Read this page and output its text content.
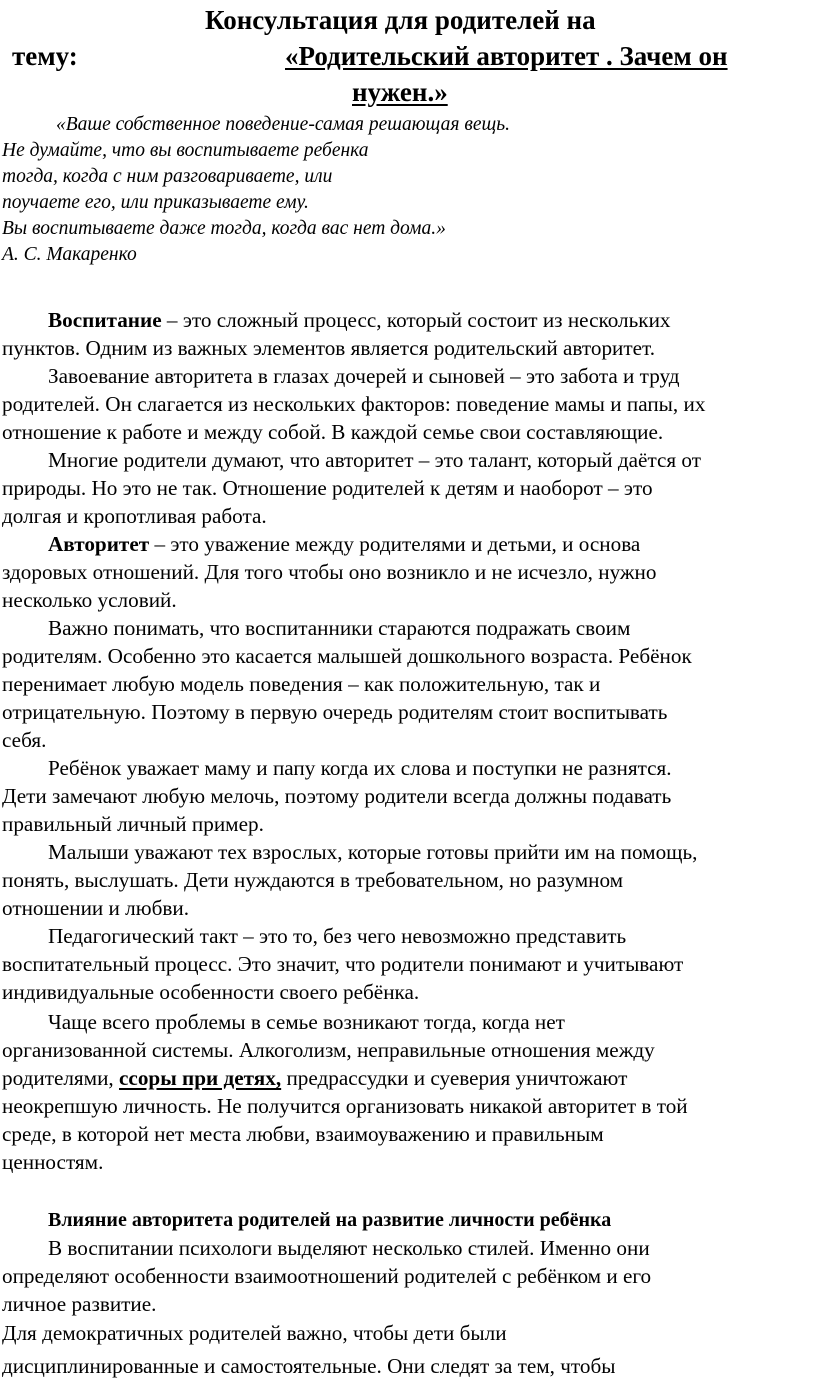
Консультация для родителей на
тему:	«Родительский авторитет . Зачем он
нужен.»
«Ваше собственное поведение-самая решающая вещь.
Не думайте, что вы воспитываете ребенка
тогда, когда с ним разговариваете, или
поучаете его, или приказываете ему.
Вы воспитываете даже тогда, когда вас нет дома.»
А. С. Макаренко
Воспитание – это сложный процесс, который состоит из нескольких
пунктов. Одним из важных элементов является родительский авторитет.
Завоевание авторитета в глазах дочерей и сыновей – это забота и труд
родителей. Он слагается из нескольких факторов: поведение мамы и папы, их
отношение к работе и между собой. В каждой семье свои составляющие.
Многие родители думают, что авторитет – это талант, который даётся от
природы. Но это не так. Отношение родителей к детям и наоборот – это
долгая и кропотливая работа.
Авторитет – это уважение между родителями и детьми, и основа
здоровых отношений. Для того чтобы оно возникло и не исчезло, нужно
несколько условий.
Важно понимать, что воспитанники стараются подражать своим
родителям. Особенно это касается малышей дошкольного возраста. Ребёнок
перенимает любую модель поведения – как положительную, так и
отрицательную. Поэтому в первую очередь родителям стоит воспитывать
себя.
Ребёнок уважает маму и папу когда их слова и поступки не разнятся.
Дети замечают любую мелочь, поэтому родители всегда должны подавать
правильный личный пример.
Малыши уважают тех взрослых, которые готовы прийти им на помощь,
понять, выслушать. Дети нуждаются в требовательном, но разумном
отношении и любви.
Педагогический такт – это то, без чего невозможно представить
воспитательный процесс. Это значит, что родители понимают и учитывают
индивидуальные особенности своего ребёнка.
Чаще всего проблемы в семье возникают тогда, когда нет
организованной системы. Алкоголизм, неправильные отношения между
родителями, ссоры при детях, предрассудки и суеверия уничтожают
неокрепшую личность. Не получится организовать никакой авторитет в той
среде, в которой нет места любви, взаимоуважению и правильным
ценностям.
Влияние авторитета родителей на развитие личности ребёнка
В воспитании психологи выделяют несколько стилей. Именно они
определяют особенности взаимоотношений родителей с ребёнком и его
личное развитие.
Для демократичных родителей важно, чтобы дети были
дисциплинированные и самостоятельные. Они следят за тем, чтобы
